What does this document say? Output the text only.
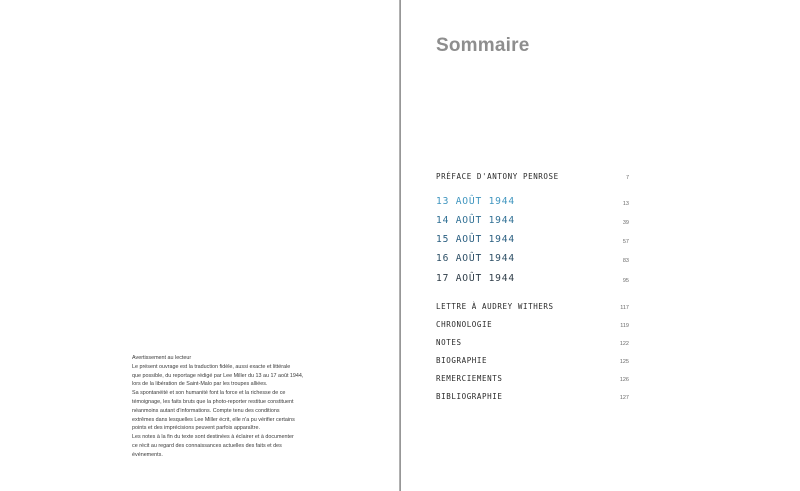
Avertissement au lecteur

Le présent ouvrage est la traduction fidèle, aussi exacte et littérale

que possible, du reportage rédigé par Lee Miller du 13 au 17 août 1944,

lors de la libération de Saint-Malo par les troupes alliées.

Sa spontanéité et son humanité font la force et la richesse de ce

témoignage, les faits bruts que la photo-reporter restitue constituent

néanmoins autant d'informations. Compte tenu des conditions

extrêmes dans lesquelles Lee Miller écrit, elle n'a pu vérifier certains

points et des imprécisions peuvent parfois apparaître.

Les notes à la fin du texte sont destinées à éclairer et à documenter

ce récit au regard des connaissances actuelles des faits et des

événements.

Sommaire
PRÉFACE D'ANTONY PENROSE	7
13 AOÛT 1944	13
14 AOÛT 1944	39
15 AOÛT 1944	57
16 AOÛT 1944	83
17 AOÛT 1944	95
LETTRE À AUDREY WITHERS	117
CHRONOLOGIE	119
NOTES	122
BIOGRAPHIE	125
REMERCIEMENTS	126
BIBLIOGRAPHIE	127
